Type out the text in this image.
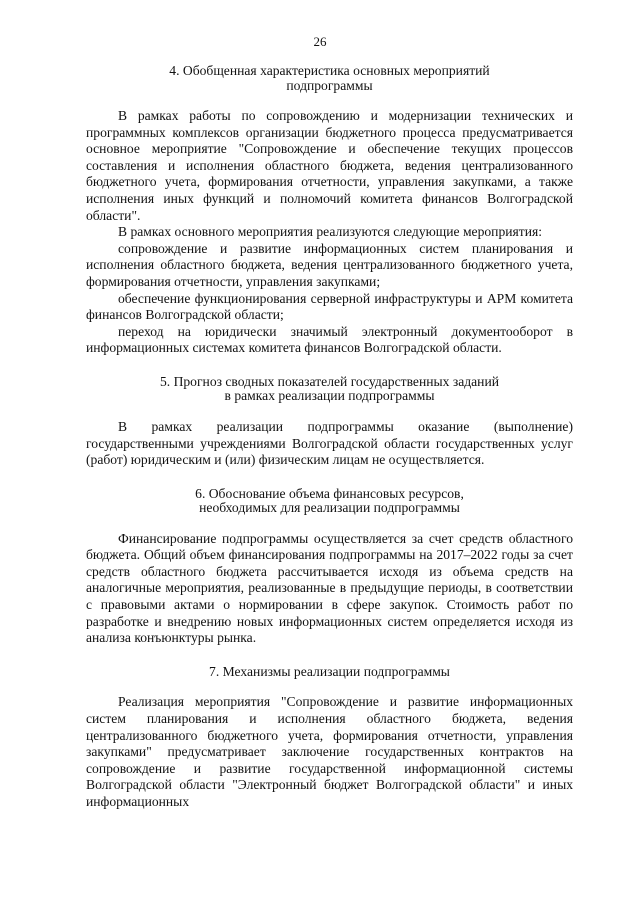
26
4. Обобщенная характеристика основных мероприятий
подпрограммы

В рамках работы по сопровождению и модернизации технических и программных комплексов организации бюджетного процесса предусматривается основное мероприятие "Сопровождение и обеспечение текущих процессов составления и исполнения областного бюджета, ведения централизованного бюджетного учета, формирования отчетности, управления закупками, а также исполнения иных функций и полномочий комитета финансов Волгоградской области".

В рамках основного мероприятия реализуются следующие мероприятия:

сопровождение и развитие информационных систем планирования и исполнения областного бюджета, ведения централизованного бюджетного учета, формирования отчетности, управления закупками;

обеспечение функционирования серверной инфраструктуры и АРМ комитета финансов Волгоградской области;

переход на юридически значимый электронный документооборот в информационных системах комитета финансов Волгоградской области.

5. Прогноз сводных показателей государственных заданий
в рамках реализации подпрограммы

В рамках реализации подпрограммы оказание (выполнение) государственными учреждениями Волгоградской области государственных услуг (работ) юридическим и (или) физическим лицам не осуществляется.

6. Обоснование объема финансовых ресурсов,
необходимых для реализации подпрограммы

Финансирование подпрограммы осуществляется за счет средств областного бюджета. Общий объем финансирования подпрограммы на 2017–2022 годы за счет средств областного бюджета рассчитывается исходя из объема средств на аналогичные мероприятия, реализованные в предыдущие периоды, в соответствии с правовыми актами о нормировании в сфере закупок. Стоимость работ по разработке и внедрению новых информационных систем определяется исходя из анализа конъюнктуры рынка.

7. Механизмы реализации подпрограммы

Реализация мероприятия "Сопровождение и развитие информационных систем планирования и исполнения областного бюджета, ведения централизованного бюджетного учета, формирования отчетности, управления закупками" предусматривает заключение государственных контрактов на сопровождение и развитие государственной информационной системы Волгоградской области "Электронный бюджет Волгоградской области" и иных информационных
